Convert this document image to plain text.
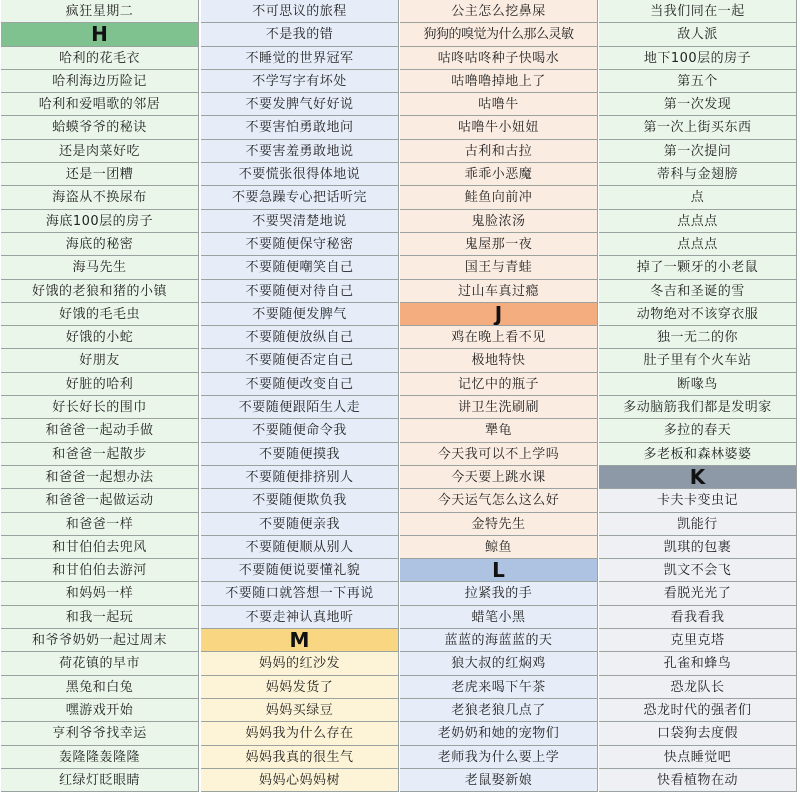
疯狂星期二
H
哈利的花毛衣
哈利海边历险记
哈利和爱唱歌的邻居
蛤蟆爷爷的秘诀
还是肉菜好吃
还是一团糟
海盗从不换尿布
海底100层的房子
海底的秘密
海马先生
好饿的老狼和猪的小镇
好饿的毛毛虫
好饿的小蛇
好朋友
好脏的哈利
好长好长的围巾
和爸爸一起动手做
和爸爸一起散步
和爸爸一起想办法
和爸爸一起做运动
和爸爸一样
和甘伯伯去兜风
和甘伯伯去游河
和妈妈一样
和我一起玩
和爷爷奶奶一起过周末
荷花镇的早市
黑兔和白兔
嘿游戏开始
亨利爷爷找幸运
轰隆隆轰隆隆
红绿灯眨眼睛
不可思议的旅程
不是我的错
不睡觉的世界冠军
不学写字有坏处
不要发脾气好好说
不要害怕勇敢地问
不要害羞勇敢地说
不要慌张很得体地说
不要急躁专心把话听完
不要哭清楚地说
不要随便保守秘密
不要随便嘲笑自己
不要随便对待自己
不要随便发脾气
不要随便放纵自己
不要随便否定自己
不要随便改变自己
不要随便跟陌生人走
不要随便命令我
不要随便摸我
不要随便排挤别人
不要随便欺负我
不要随便亲我
不要随便顺从别人
不要随便说要懂礼貌
不要随口就答想一下再说
不要走神认真地听
M
妈妈的红沙发
妈妈发货了
妈妈买绿豆
妈妈我为什么存在
妈妈我真的很生气
妈妈心妈妈树
公主怎么挖鼻屎
狗狗的嗅觉为什么那么灵敏
咕咚咕咚种子快喝水
咕噜噜掉地上了
咕噜牛
咕噜牛小妞妞
古利和古拉
乖乖小恶魔
鲑鱼向前冲
鬼脸浓汤
鬼屋那一夜
国王与青蛙
过山车真过瘾
J
鸡在晚上看不见
极地特快
记忆中的瓶子
讲卫生洗刷刷
犟龟
今天我可以不上学吗
今天要上跳水课
今天运气怎么这么好
金特先生
鲸鱼
L
拉紧我的手
蜡笔小黑
蓝蓝的海蓝蓝的天
狼大叔的红焖鸡
老虎来喝下午茶
老狼老狼几点了
老奶奶和她的宠物们
老师我为什么要上学
老鼠娶新娘
当我们同在一起
敌人派
地下100层的房子
第五个
第一次发现
第一次上街买东西
第一次提问
蒂科与金翅膀
点
点点点
点点点
掉了一颗牙的小老鼠
冬吉和圣诞的雪
动物绝对不该穿衣服
独一无二的你
肚子里有个火车站
断喙鸟
多动脑筋我们都是发明家
多拉的春天
多老板和森林婆婆
K
卡夫卡变虫记
凯能行
凯琪的包裹
凯文不会飞
看脱光光了
看我看我
克里克塔
孔雀和蜂鸟
恐龙队长
恐龙时代的强者们
口袋狗去度假
快点睡觉吧
快看植物在动
